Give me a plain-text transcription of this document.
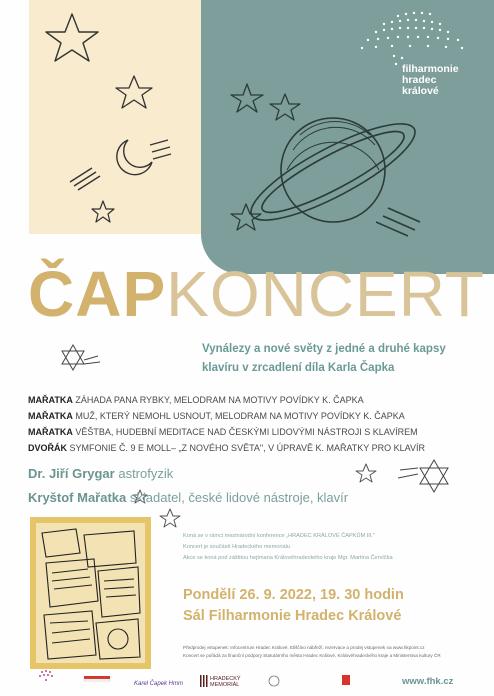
filharmonie
hradec
králové
ČAPKONCERT
Vynálezy a nové světy z jedné a druhé kapsy
klavíru v zrcadlení díla Karla Čapka
MAŘATKA ZÁHADA PANA RYBKY, MELODRAM NA MOTIVY POVÍDKY K. ČAPKA
MAŘATKA MUŽ, KTERÝ NEMOHL USNOUT, MELODRAM NA MOTIVY POVÍDKY K. ČAPKA
MAŘATKA VĚŠTBA, HUDEBNÍ MEDITACE NAD ČESKÝMI LIDOVÝMI NÁSTROJI S KLAVÍREM
DVOŘÁK SYMFONIE Č. 9 E MOLL– „Z NOVÉHO SVĚTA", V ÚPRAVĚ K. MAŘATKY PRO KLAVÍR
Dr. Jiří Grygar astrofyzik
Kryštof Mařatka skladatel, české lidové nástroje, klavír
Koná se v rámci mezinárodní konference „HRADEC KRÁLOVÉ ČAPKŮM III."
Koncert je součástí Hradeckého memoriálu
Akce se koná pod záštitou hejtmana Královéhradeckého kraje Mgr. Martina Červíčka
Pondělí 26. 9. 2022, 19. 30 hodin
Sál Filharmonie Hradec Králové
Předprodej vstupenek: Infocentrum Hradec Králové, Eliščino nábřeží, rezervace a prodej vstupenek na www.hkpoint.cz
Koncert se pořádá za finanční podpory Statutárního města Hradec Králové, Královéhradeckého kraje a Ministerstva kultury ČR
Karel Čapek Hmm
HRADECKÝ
MEMORIÁL	www.fhk.cz
